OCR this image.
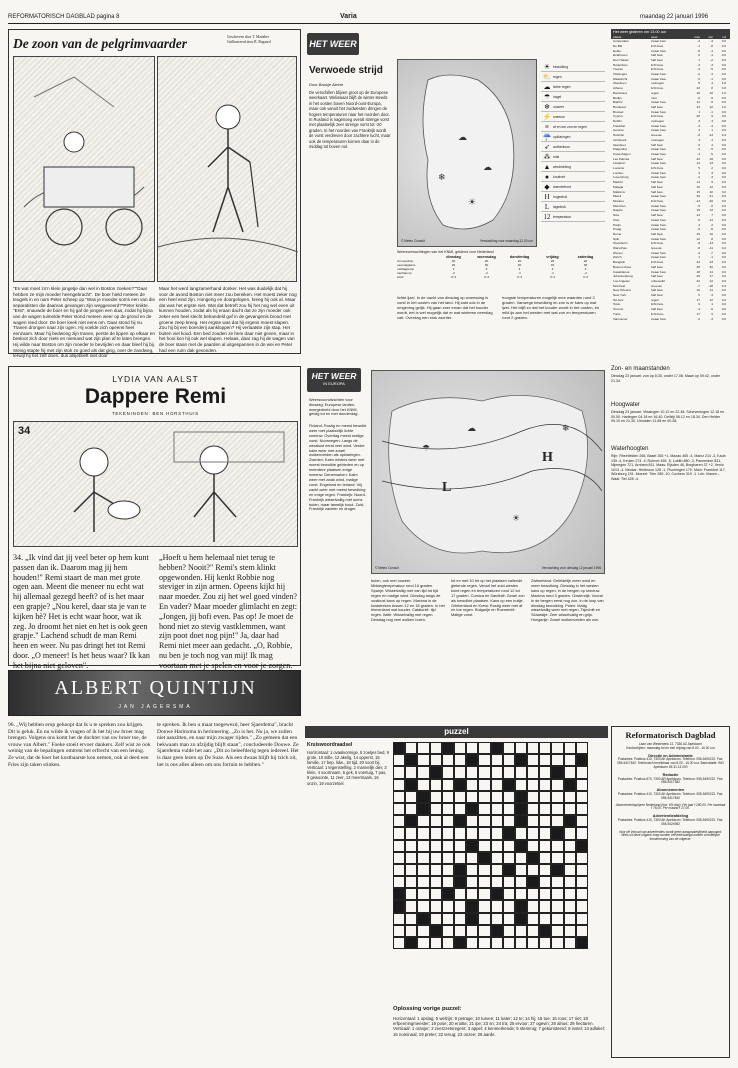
REFORMATORISCH DAGBLAD pagina 8	Varia	maandag 22 januari 1996
De zoon van de pelgrimvaarder	Geschreven door T. Matteber
Geïllustreerd door B. Bogaard
"En wat moet zo'n klein jongetje dan wel in Boston zoeken?""Daar hebben ze mijn moeder heengebracht". De boer hield meteen de teugels in en nam Peter scheep op."Was je moeder soms een van die separatisten die daarvan gevangen zijn weggevoerd?"Peter knikte. "Erst", snauwde de boer en hij gaf de jongen een duw, zodat hij bijna van de wagen tuimelde.Peter stond meteen weer op de grond en de wagen reed door. De boer keek niet eens om. Daar stond hij nu. Tranen drongen naar zijn ogen. Hij voelde zich opeens heel eenzaam. Maar hij bedwong zijn tranen, perste de lippen op elkaar en besloot zich door niets en niemand wat zijn plan af te laten brengen. Hij wilde naar Boston om zijn moeder te bevrijden en daar bleef hij bij. Stevig stapte hij met zijn stok zo goed als dat ging, over de zandweg, terwijl hij het zelf doen, dus alsjeblieft niet door
Maar het werd langzamerhand donker. Het was duidelijk dat hij voor de avond Boston niet meer zou bereiken. Het moest zeker nog een heel eind zijn. Hongerig en doorgelopen, kreeg hij ook al. Maar dat was het ergste niet. Wat dat betreft zou hij het nog wel even uit kunnen houden, zodat als hij eraan dacht dat ze zijn moeder ook zeker een heel slecht behandeld gaf in de gevangenis brood met groene zeep kreeg. Het ergste was dat hij ergens moest slapen. Zou hij bij een boerderij aankloppen? Hij verlaatste zijn stap. Het buiten viel koud. Een bed zouden ze hem daar niet geven, maar in het hooi kon hij ook wel slapen. Helaas, daar zag hij de wagen van de boer staan met de paarden al uitgespannen in de wei en Peter had een ruim dak gevonden.
HET WEER
Verwoede strijd
Door Baukje Aleine
De verschillen blijven groot op de Europese weerkaart. Weliswaar blijft de winter steeds in het oosten boven Noord-oost-Europa, maar ook vanuit het zuidwesten dringen de hogere temperaturen naar het noorden door. In Rusland is nagenoeg overal strenge vorst met plaatselijk zeer strenge vorst tot -20 graden. In het noorden van Frankrijk wordt de vorst verdreven door zachtere lucht, maar ook de temperaturen komen daar in de middag tot boven nul.
☁
❄
☁
☀
© Meteo Consult	Verwachting voor maandag 12.00 uur
☀ bewolking
⛅ regen
☁ lichte regen
☂ hagel
❄ onweer
⚡ sneeuw
≡	af en toe zon en regen
☔ opklaringen
➶ wolkenloos
⁂ mist
▲ windrichting
●	koufront
◆ warmtefront
H	hogedruk
L	lagedruk
12 temperatuur
Weersverwachtingen van het KNMI, geldend voor Nederland
dinsdag	woensdag	donderdag	vrijdag	zaterdag
zonneschijn	40	20	20	20	20
neerslagkans	20	30	20	40	30
middagtemp	2	3	4	3	3
nachttemp	-2	-2	-1	-1	-2
wind	O 3	O 3	O 3	O 4	O 3
lichte ijzel. In de nacht van dinsdag op woensdag is vorst in het oosten van het land. Hij zakt ook in de omgeving gelijk. Hij gaan zeer ervan dat het kouder wordt, het is wel mogelijk dat er wat winterse neerslag valt. Overdag een stuk zachter.
hoogste temperaturen mogelijk mee waarden rond 2 graden. Vanwege bewolking en zon is er kans op wat ijzel. Het blijft zo dat het kouder wordt in het oosten, en mild ijs aan het westen met wat zon en temperaturen rond 2 graden.
Het weer gisteren om 13.00 uur
plaats	weer	max	min	nd
Amsterdam	zwaar bew.	-2	-3	0.0
De Bilt	licht bew.	-1	-8	0.0
Eelde	zwaar bew.	-8	-1	0.0
Eindhoven	half bew.	0	-1	0.0
Den Helder	half bew.	1	-2	0.0
Rotterdam	licht bew.	-3	-3	0.0
Twente	licht bew.	-4	-5	0.0
Vlissingen	zwaar bew.	-2	-4	0.0
Maastricht	zwaar bew.	0	-1	0.0
Aberdeen	motregen	5	4	1.8
Athene	licht bew.	13	8	0.0
Barcelona	regen	16	10	1.0
Berlijn	mist	-6	-9	0.0
Biarritz	zwaar bew.	14	8	0.0
Bordeaux	half bew.	13	12	1.0
Brussel	zwaar bew.	1	-1	0.0
Cyprus	licht bew.	20	9	0.0
Dublin	motregen	3	3	0.8
Frankfurt	zwaar bew.	-3	-4	0.0
Genève	zwaar bew.	3	1	0.0
Helsinki	sneeuw	-8	-13	0.4
Innsbruck	motregen	3	-1	0.0
Istanboel	half bew.	9	4	0.0
Klagenfurt	zwaar bew.	-4	-5	0.0
Kopenhagen	zwaar bew.	-4	-5	0.0
Las Palmas	half bew.	22	18	0.0
Lissabon	zwaar bew.	14	13	0.0
Locarno	licht bew.	5	2	0.0
Londen	zwaar bew.	3	3	0.0
Luxemburg	zwaar bew.	-2	-3	0.0
Madrid	half bew.	14	9	0.0
Malaga	half bew.	16	12	0.0
Mallorca	half bew.	15	10	3.0
Miami	zwaar bew.	26	21	0.0
Moskou	licht bew.	-13	-20	0.0
München	zwaar bew.	-5	-6	0.0
Napels	zwaar bew.	15	12	0.0
Nice	half bew.	14	7	0.0
Oslo	zwaar bew.	-6	-11	0.0
Parijs	zwaar bew.	4	2	0.0
Praag	zwaar bew.	-6	-8	0.0
Rome	half bew.	16	10	0.0
Split	zwaar bew.	12	8	0.0
Stockholm	licht bew.	-9	-13	0.0
Warschau	sneeuw	-8	-11	0.2
Wenen	zwaar bew.	-4	-7	0.0
Zürich	zwaar bew.	1	-1	0.0
Bangkok	licht bew.	32	23	0.0
Buenos Aires	half bew.	28	20	0.0
Casablanca	zwaar bew.	18	14	0.0
Johannesburg	half bew.	25	17	3.0
Los Angeles	onbewolkt	22	12	0.0
Montreal	sneeuw	-7	-18	0.4
New Orleans	half bew.	19	14	0.0
New York	half bew.	5	-4	0.0
Tel Aviv	regen	17	12	0.0
Tokio	licht bew.	9	4	0.0
Toronto	half bew.	-4	-6	0.0
Tunis	licht bew.	17	9	0.0
Vancouver	zwaar bew.	-2	-3	0.0
LYDIA VAN AALST
Dappere Remi
TEKENINGEN: BEN HORSTHUIS
34
34. „Ik vind dat jij veel beter op hem kunt passen dan ik. Daarom mag jij hem houden!" Remi staart de man met grote ogen aan. Meent die meneer nu echt wat hij allemaal gezegd heeft? of is het maar een grapje? „Nou kerel, daar sta je van te kijken hè? Het is echt waar hoor, wat ik zeg. Jo droomt het niet en het is ook geen grapje." Lachend schudt de man Remi heen en weer. Nu pas dringt het tot Remi door. „O meneer! Is het heus waar? Ik kan het bijna niet geloven".
„Hoeft u hem helemaal niet terug te hebben? Nooit?" Remi's stem klinkt opgewonden. Hij kenkt Robbie nog steviger in zijn armen. Opeens kijkt hij naar moeder. Zou zij het wel goed vinden? En vader? Maar moeder glimlacht en zegt: „Jongen, jij bofi even. Pas op! Je moet de hond niet zo stevig vastklemmen, want zijn poot doet nog pijn!" Ja, daar had Remi niet meer aan gedacht. „O, Robbie, nu ben je toch nog van mij! Ik mag voortaan met je spelen en voor je zorgen.
ALBERT QUINTIJN
JAN JAGERSMA
96. „Wij hebben erop gehoopt dat ik u te spreken zou krijgen. Dit is geluk. En nu wilde ik vragen of ik het bij uw broer mag brengen. Volgens ons komt het de dochter van uw broer toe, de vrouw van Albert." Foeke stoeit ervoer dankers. Zelf wist ze ook weinig van de bepalingen omtrent het erfrecht van een lening. Ze wist, dat de hoer het kostbaarste kon nemen, ook al deed een Fries zijn taken stinken.
te spreken. Ik ben u maar toegewezd, heer Sjaerdema", bracht Douwe Harinxma in herinnering. „Zo is het. Nu ja, we zullen niet aanzitten, en naar mijn zwager rijden." „Zo gemeen dat een bekwaam man zo afzijdig blijft staan", concludeerde Douwe. Ze Sjaerdema vulde het aan: „Dit zo beleefderig tegen iedereel. Het is daar geen lezen op De Suze. Als een dwaas blijft hij tzich zit, het is ons alles alleen om ons fortuin te hebben."
HET WEER
IN EUROPA
Weersvooruitzichten voor dinsdag: Europese landen, meegedeeld door het KNMI, geldig tot en met donderdag.
Finland: Rustig en meest bewolkt weer met plaatselijk lichte sneeuw. Overdag meest matige vorst. Noorwegen: Langs de westkust eerst veel wind. Verder kalm weer met zowel wolkenvelden als opklaringen. Zweden: Kalm winters weer met meest bewolkte gebieden en op meerdere plaatsen enige sneeuw. Denemarken: Kalm weer met zwak wind, matige vorst. Engeland en Ierland: Vrij zacht weer met meest bewolking en enige regen. Frankrijk: Noord-Frankrijk wisselvallig met soms buien, maar tamelijk koud. Zuid-Frankrijk zachter en droger.
L
H
☁
☀
☂
❄
© Meteo Consult	Verwachting voor dinsdag 12 januari 1996
buien, ook met onweer. Middagtemperatuur rond 16 graden. Spanje: Wisselvallig met van tijd tot tijd regen en matige wind. Dinsdag langs de oostkust kans op regen. Maxima in de kuststreken tussen 12 en 16 graden. In het binnenland wat kouder. Catalonië: tijd regen. Italië: Wisselvallig met regen. Dinsdag nog veel wolken buien.
tot en met 10 tot op het plaatsen vallende gietende regen. Vanuit het zuid-westen komt regen en temperaturen rond 12 tot 17 graden. Corsica en Sardinië: Zowel zon als bewolkte plaatsen. Kans op een buitje. Griekenland en Kreta: Rustig weer met af en toe regen. Bulgarije en Roemenië: Matige vorst.
Zwitserland: Geleidelijk meer wind en meer bewolking. Dinsdag in het westen kans op regen, in de bergen op sneeuw. Maxima rond 3 graden. Oostenrijk: Vooral in de bergen eerst nog zon, in de loop van dinsdag bewolking. Polen: Matig wisselvallig weer met regen. Tsjechië en Slowakije: Zeer wisselvallig en grijs. Hongarije: Zowel wolkenvelden als zon.
Zon- en maanstanden
Dinsdag 23 januari: zon op 8.35, onder 17.08. Maan op 09.42, onder 21.34.
Hoogwater
Dinsdag 23 januari: Vlissingen 10.12 en 22.48. Scheveningen 12.18 en 00.50. Harlingen 04.18 en 16.40. Delfzijl 06.12 en 18.34. Den Helder 09.10 en 21.30. IJmuiden 11.58 en 00.28.
Waterhoogten
Rijn: Rheinfelden 265, Basel 265 +1, Maxau 465 -4, Mainz 214 -3, Kaub 135 -4, Keulen 274 -4, Ruhrort 455 -5, Lobith 880 -3, Pannerden 831, Nijmegen 721, Arnhem 811. Maas: Eijsden 46, Borgharen 37 +2, Venlo 1013 -4. Neckar: Heilbronn 128 -1, Plochingen 170. Main: Frankfurt 117, Würzburg 151. Moezel: Trier 289 -10, Cochem 319 -1. Lek: Vianen -. Waal: Tiel 428 -4.
puzzel
Kruiswoordraadsel
Horizontaal: 1 ovaalvormige, 5 zoetjes bed, 9 grote, 10 stille, 12 akelig, 14 opperst, 15 familie, 17 bep. lidw., 18 tijd, 20 soort bij. Verticaal: 1 tegenstelling, 2 mannelijk dier, 3 klein, 4 soortnaam, 5 gek, 6 voertuig, 7 pas, 8 gewoonte, 11 zeer, 13 meermaals, 16 onzin, 19 voorzetsel.
Oplossing vorige puzzel:
Horizontaal: 1 opslag; 5 welzijn; 9 petrage; 10 turvee; 11 kater; 12 te; 14 hij; 15 toe; 16 roos; 17 riet; 18 erfpenningmeester; 19 pose; 20 eruitte; 21 ipe; 23 sn; 24 tra; 25 ervoor; 27 ogevin; 28 alnus; 29 hectaren. Verticaal: 1 oranjer; 2 zeerzzetsregent; 3 appel; 4 kenmerkende; 5 stemmig; 7 gekunsteerd; 8 instel; 13 adlukel; 16 nominaal; 19 preter; 22 tenug; 23 onzee; 25 aarde.
Reformatorisch Dagblad
Laan van Westenenk 12, 7336 AZ Apeldoorn
Kantoortijden: maandag tot en met vrijdag van 8.00 - 16.30 uur
Directie en Administratie
Postadres: Postbus 410, 7300 AK Apeldoorn. Telefoon: 055-5490222. Fax: 055-5417460. Telefonisch bereikbaar van 8.00 - 16.30 uur. Bankrelatie: ING Apeldoorn 65.31.13.000
Redactie
Postadres: Postbus 670, 7300 AR Apeldoorn. Telefoon: 055-5490222. Fax: 055-5417382
Abonnementen
Postadres: Postbus 410, 7300 AK Apeldoorn. Telefoon: 055-5490222. Fax: 055-5417460
Abonnementsprijzen Nederland (incl. 6% btw): Per jaar f 290,00. Per kwartaal f 76,00. Per maand f 27,00.
Advertentieafdeling
Postadres: Postbus 410, 7300 AK Apeldoorn. Telefoon: 055-5490222. Fax: 055-5424982
Voor de inhoud van advertenties wordt geen aansprakelijkheid aanvaard. Niets uit deze uitgave mag worden verveelvoudigd zonder schriftelijke toestemming van de uitgever.
